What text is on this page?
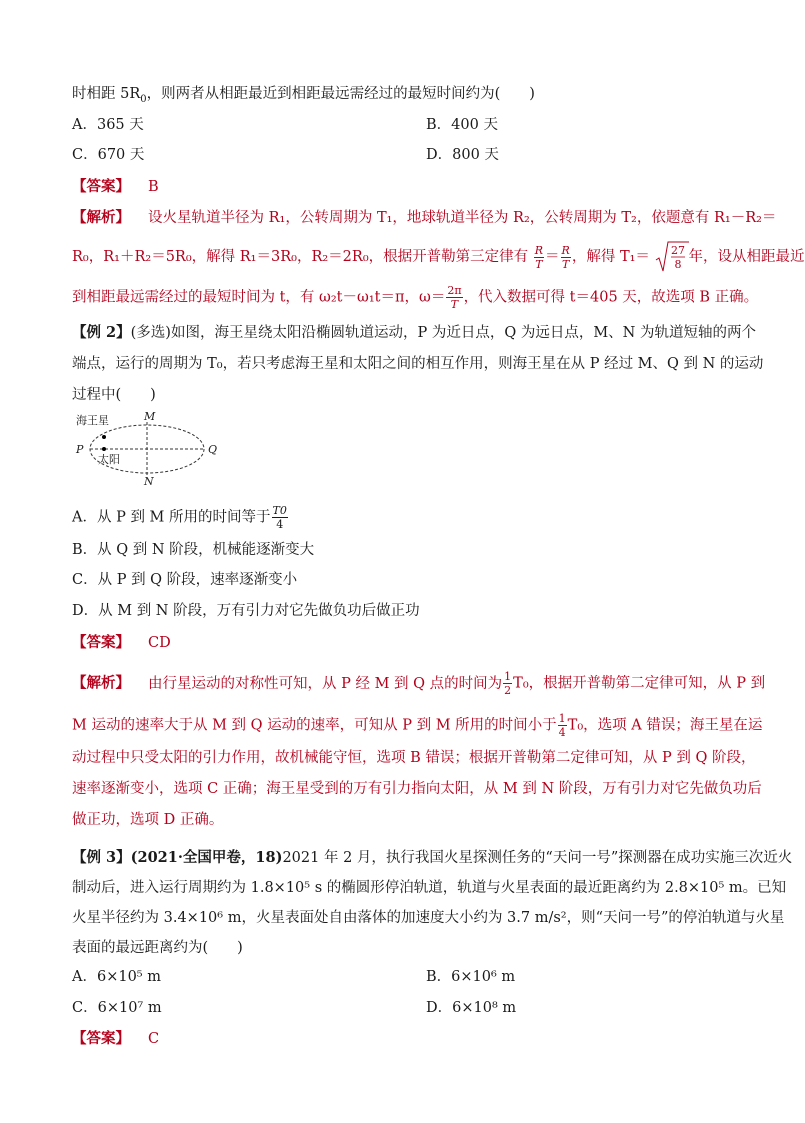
时相距 $5R_0$，则两者从相距最近到相距最远需经过的最短时间约为(　　)
A．365 天	B．400 天
C．670 天	D．800 天
【答案】 B
【解析】 设火星轨道半径为 R₁，公转周期为 T₁，地球轨道半径为 R₂，公转周期为 T₂，依题意有 R₁－R₂＝
R₀，R₁＋R₂＝5R₀，解得 R₁＝3R₀，R₂＝2R₀，根据开普勒第三定律有 $\frac{R}{T} = \frac{R}{T}$ ，解得 T₁＝ 27
8 年，设从相距最近
到相距最远需经过的最短时间为 t，有 ω₂t－ω₁t＝π，$\omega= \frac{2\pi}{T}$ ，代入数据可得 t＝405 天，故选项 B 正确。
【例 2】(多选)如图，海王星绕太阳沿椭圆轨道运动，P 为近日点，Q 为远日点，M、N 为轨道短轴的两个
端点，运行的周期为 T₀，若只考虑海王星和太阳之间的相互作用，则海王星在从 P 经过 M、Q 到 N 的运动
过程中(　　)
海王星
太阳
P	Q
M
N
A．从 P 到 M 所用的时间等于 $\frac{T0}{4}$
B．从 Q 到 N 阶段，机械能逐渐变大
C．从 P 到 Q 阶段，速率逐渐变小
D．从 M 到 N 阶段，万有引力对它先做负功后做正功
【答案】 CD
【解析】 由行星运动的对称性可知，从 P 经 M 到 Q 点的时间为 $\frac{1}{2} T_0$，根据开普勒第二定律可知，从 P 到
M 运动的速率大于从 M 到 Q 运动的速率，可知从 P 到 M 所用的时间小于 $\frac{1}{4} T_0$，选项 A 错误；海王星在运
动过程中只受太阳的引力作用，故机械能守恒，选项 B 错误；根据开普勒第二定律可知，从 P 到 Q 阶段，
速率逐渐变小，选项 C 正确；海王星受到的万有引力指向太阳，从 M 到 N 阶段，万有引力对它先做负功后
做正功，选项 D 正确。
【例 3】(2021·全国甲卷，18)2021 年 2 月，执行我国火星探测任务的“天问一号”探测器在成功实施三次近火
制动后，进入运行周期约为 1.8×10⁵ s 的椭圆形停泊轨道，轨道与火星表面的最近距离约为 2.8×10⁵ m。已知
火星半径约为 3.4×10⁶ m，火星表面处自由落体的加速度大小约为 3.7 m/s²，则“天问一号”的停泊轨道与火星
表面的最远距离约为(　　)
A．6×10⁵ m	B．6×10⁶ m
C．6×10⁷ m	D．6×10⁸ m
【答案】 C
